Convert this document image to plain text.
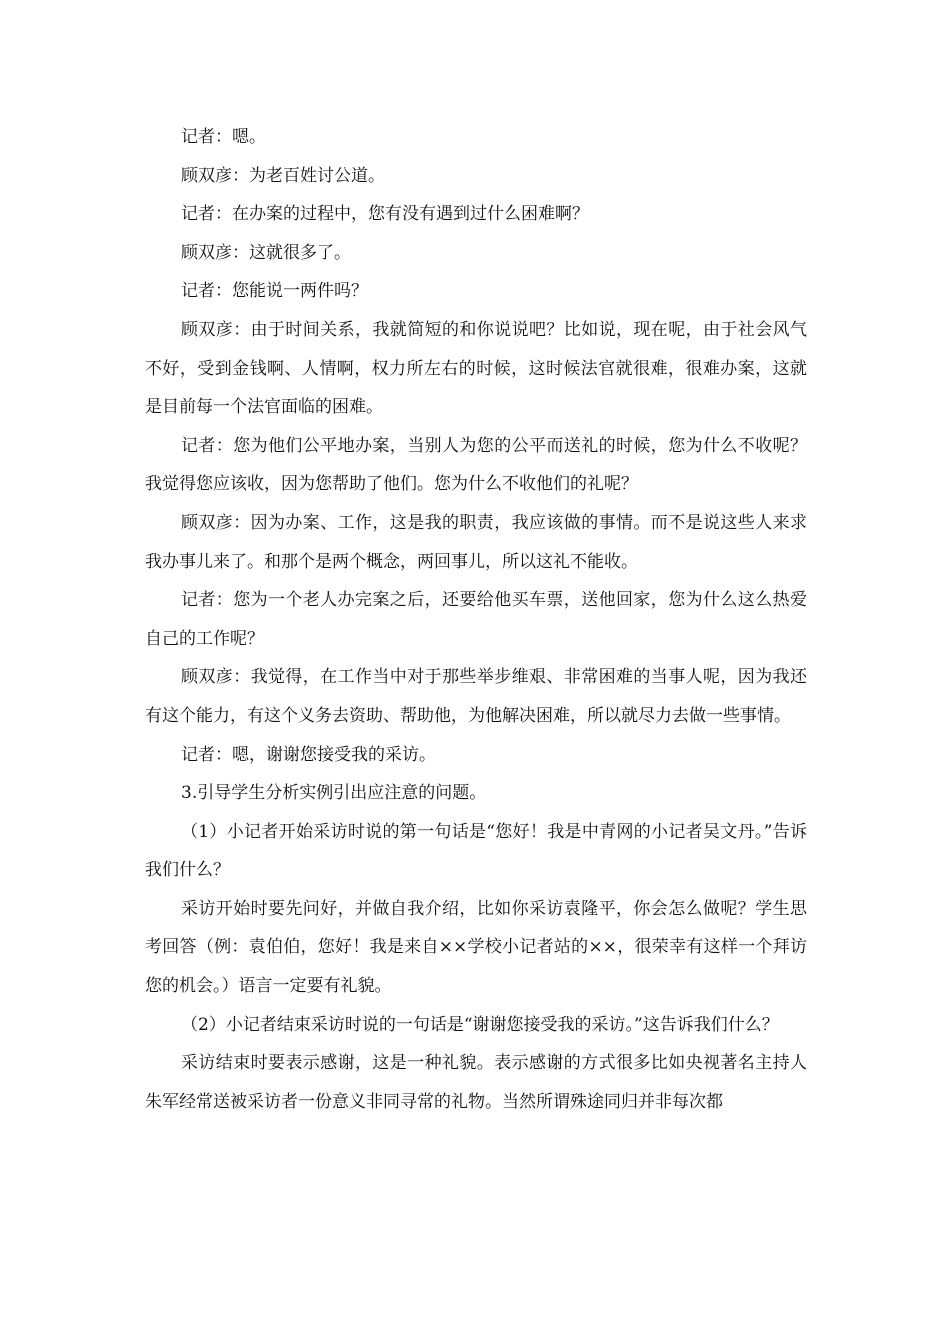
记者：嗯。

顾双彦：为老百姓讨公道。

记者：在办案的过程中，您有没有遇到过什么困难啊？

顾双彦：这就很多了。

记者：您能说一两件吗？

顾双彦：由于时间关系，我就简短的和你说说吧？比如说，现在呢，由于社会风气不好，受到金钱啊、人情啊，权力所左右的时候，这时候法官就很难，很难办案，这就是目前每一个法官面临的困难。

记者：您为他们公平地办案，当别人为您的公平而送礼的时候，您为什么不收呢？我觉得您应该收，因为您帮助了他们。您为什么不收他们的礼呢？

顾双彦：因为办案、工作，这是我的职责，我应该做的事情。而不是说这些人来求我办事儿来了。和那个是两个概念，两回事儿，所以这礼不能收。

记者：您为一个老人办完案之后，还要给他买车票，送他回家，您为什么这么热爱自己的工作呢？

顾双彦：我觉得，在工作当中对于那些举步维艰、非常困难的当事人呢，因为我还有这个能力，有这个义务去资助、帮助他，为他解决困难，所以就尽力去做一些事情。

记者：嗯，谢谢您接受我的采访。

3.引导学生分析实例引出应注意的问题。

（1）小记者开始采访时说的第一句话是“您好！我是中青网的小记者吴文丹。”告诉我们什么？

采访开始时要先问好，并做自我介绍，比如你采访袁隆平，你会怎么做呢？学生思考回答（例：袁伯伯，您好！我是来自××学校小记者站的××，很荣幸有这样一个拜访您的机会。）语言一定要有礼貌。

（2）小记者结束采访时说的一句话是“谢谢您接受我的采访。”这告诉我们什么？

采访结束时要表示感谢，这是一种礼貌。表示感谢的方式很多比如央视著名主持人朱军经常送被采访者一份意义非同寻常的礼物。当然所谓殊途同归并非每次都
